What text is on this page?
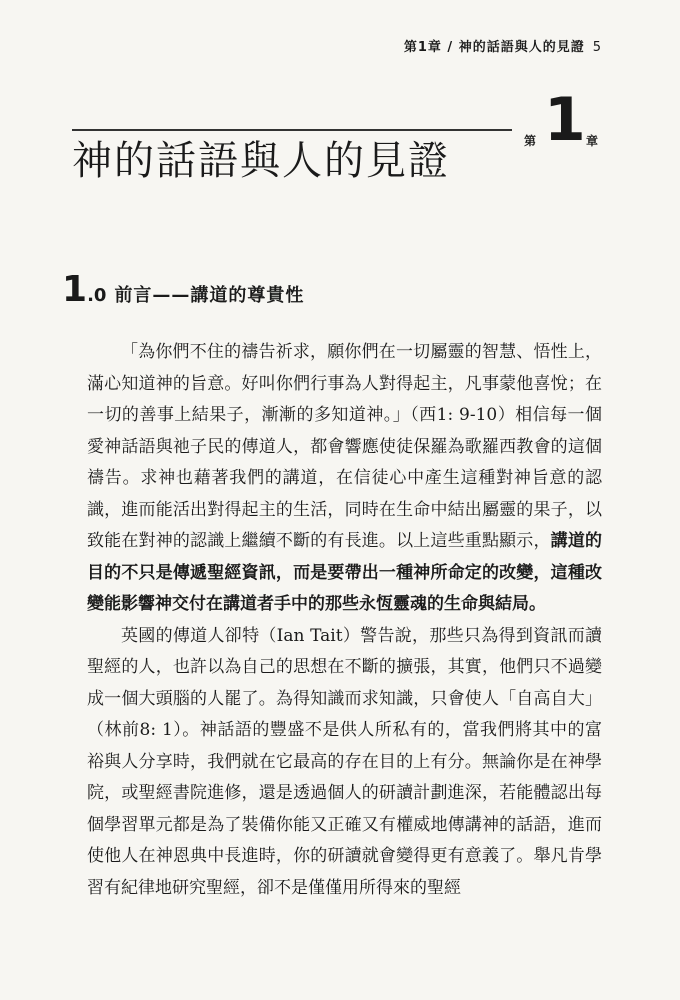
第1章 / 神的話語與人的見證 5
第 1 章
神的話語與人的見證
1 .0 前言——講道的尊貴性

「為你們不住的禱告祈求，願你們在一切屬靈的智慧、悟性上，滿心知道神的旨意。好叫你們行事為人對得起主，凡事蒙他喜悅；在一切的善事上結果子，漸漸的多知道神。」（西1: 9-10）相信每一個愛神話語與祂子民的傳道人，都會響應使徒保羅為歌羅西教會的這個禱告。求神也藉著我們的講道，在信徒心中產生這種對神旨意的認識，進而能活出對得起主的生活，同時在生命中結出屬靈的果子，以致能在對神的認識上繼續不斷的有長進。以上這些重點顯示，講道的目的不只是傳遞聖經資訊，而是要帶出一種神所命定的改變，這種改變能影響神交付在講道者手中的那些永恆靈魂的生命與結局。

英國的傳道人卻特（Ian Tait）警告說，那些只為得到資訊而讀聖經的人，也許以為自己的思想在不斷的擴張，其實，他們只不過變成一個大頭腦的人罷了。為得知識而求知識，只會使人「自高自大」（林前8: 1）。神話語的豐盛不是供人所私有的，當我們將其中的富裕與人分享時，我們就在它最高的存在目的上有分。無論你是在神學院，或聖經書院進修，還是透過個人的研讀計劃進深，若能體認出每個學習單元都是為了裝備你能又正確又有權威地傳講神的話語，進而使他人在神恩典中長進時，你的研讀就會變得更有意義了。舉凡肯學習有紀律地研究聖經，卻不是僅僅用所得來的聖經
